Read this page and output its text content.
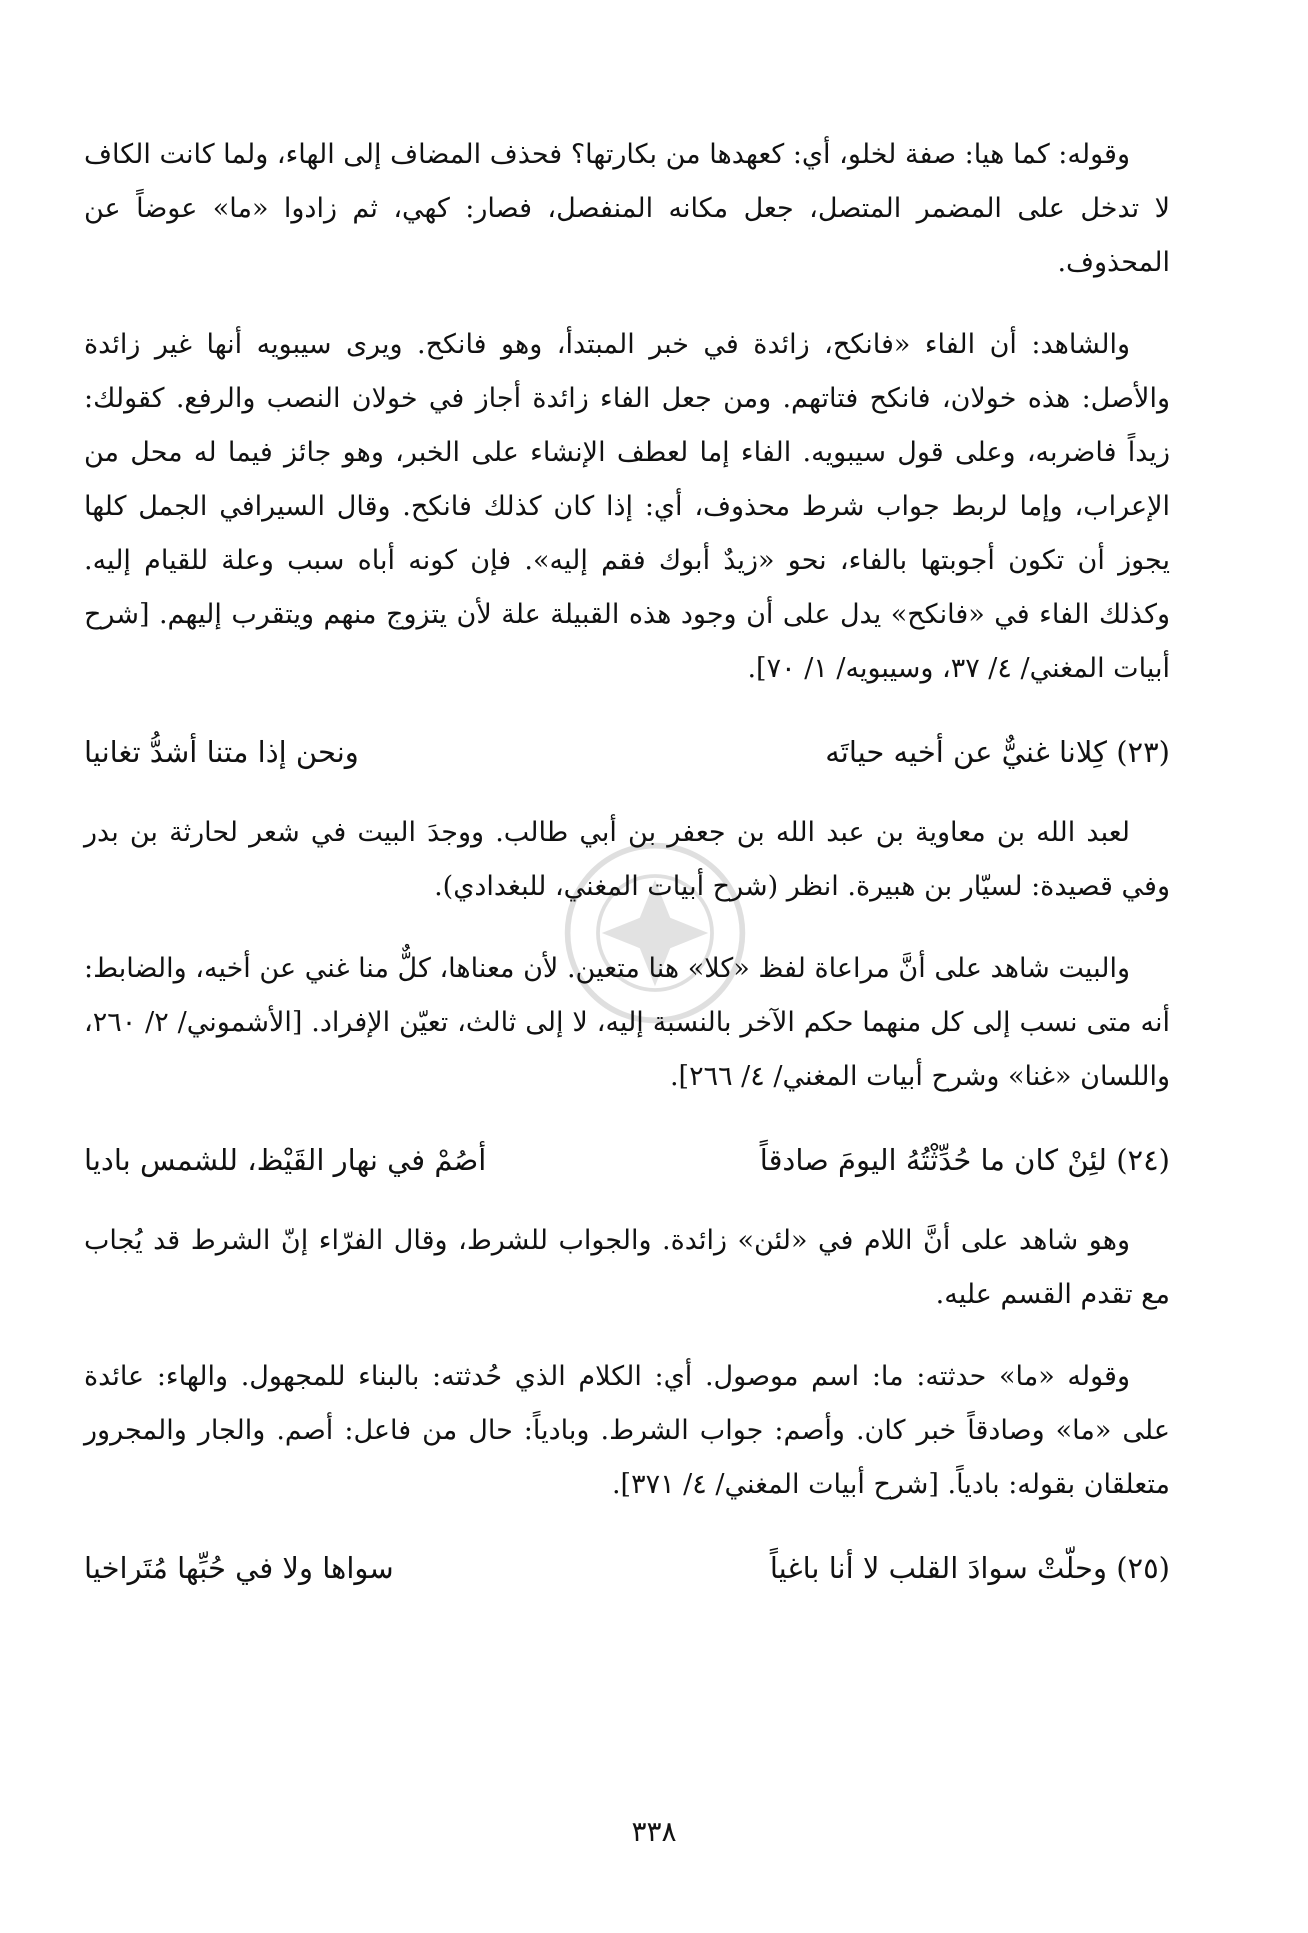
وقوله: كما هيا: صفة لخلو، أي: كعهدها من بكارتها؟ فحذف المضاف إلى الهاء، ولما كانت الكاف لا تدخل على المضمر المتصل، جعل مكانه المنفصل، فصار: كهي، ثم زادوا «ما» عوضاً عن المحذوف.

والشاهد: أن الفاء «فانكح، زائدة في خبر المبتدأ، وهو فانكح. ويرى سيبويه أنها غير زائدة والأصل: هذه خولان، فانكح فتاتهم. ومن جعل الفاء زائدة أجاز في خولان النصب والرفع. كقولك: زيداً فاضربه، وعلى قول سيبويه. الفاء إما لعطف الإنشاء على الخبر، وهو جائز فيما له محل من الإعراب، وإما لربط جواب شرط محذوف، أي: إذا كان كذلك فانكح. وقال السيرافي الجمل كلها يجوز أن تكون أجوبتها بالفاء، نحو «زيدٌ أبوك فقم إليه». فإن كونه أباه سبب وعلة للقيام إليه. وكذلك الفاء في «فانكح» يدل على أن وجود هذه القبيلة علة لأن يتزوج منهم ويتقرب إليهم. [شرح أبيات المغني/ ٤/ ٣٧، وسيبويه/ ١/ ٧٠].

(٢٣) كِلانا غنيٌّ عن أخيه حياتَه
ونحن إذا متنا أشدُّ تغانيا

لعبد الله بن معاوية بن عبد الله بن جعفر بن أبي طالب. ووجدَ البيت في شعر لحارثة بن بدر وفي قصيدة: لسيّار بن هبيرة. انظر (شرح أبيات المغني، للبغدادي).

والبيت شاهد على أنَّ مراعاة لفظ «كلا» هنا متعين. لأن معناها، كلٌّ منا غني عن أخيه، والضابط: أنه متى نسب إلى كل منهما حكم الآخر بالنسبة إليه، لا إلى ثالث، تعيّن الإفراد. [الأشموني/ ٢/ ٢٦٠، واللسان «غنا» وشرح أبيات المغني/ ٤/ ٢٦٦].

(٢٤) لئِنْ كان ما حُدِّثْتُهُ اليومَ صادقاً
أصُمْ في نهار القَيْظ، للشمس باديا

وهو شاهد على أنَّ اللام في «لئن» زائدة. والجواب للشرط، وقال الفرّاء إنّ الشرط قد يُجاب مع تقدم القسم عليه.

وقوله «ما» حدثته: ما: اسم موصول. أي: الكلام الذي حُدثته: بالبناء للمجهول. والهاء: عائدة على «ما» وصادقاً خبر كان. وأصم: جواب الشرط. وبادياً: حال من فاعل: أصم. والجار والمجرور متعلقان بقوله: بادياً. [شرح أبيات المغني/ ٤/ ٣٧١].

(٢٥) وحلّتْ سوادَ القلب لا أنا باغياً
سواها ولا في حُبِّها مُتَراخيا
٣٣٨
